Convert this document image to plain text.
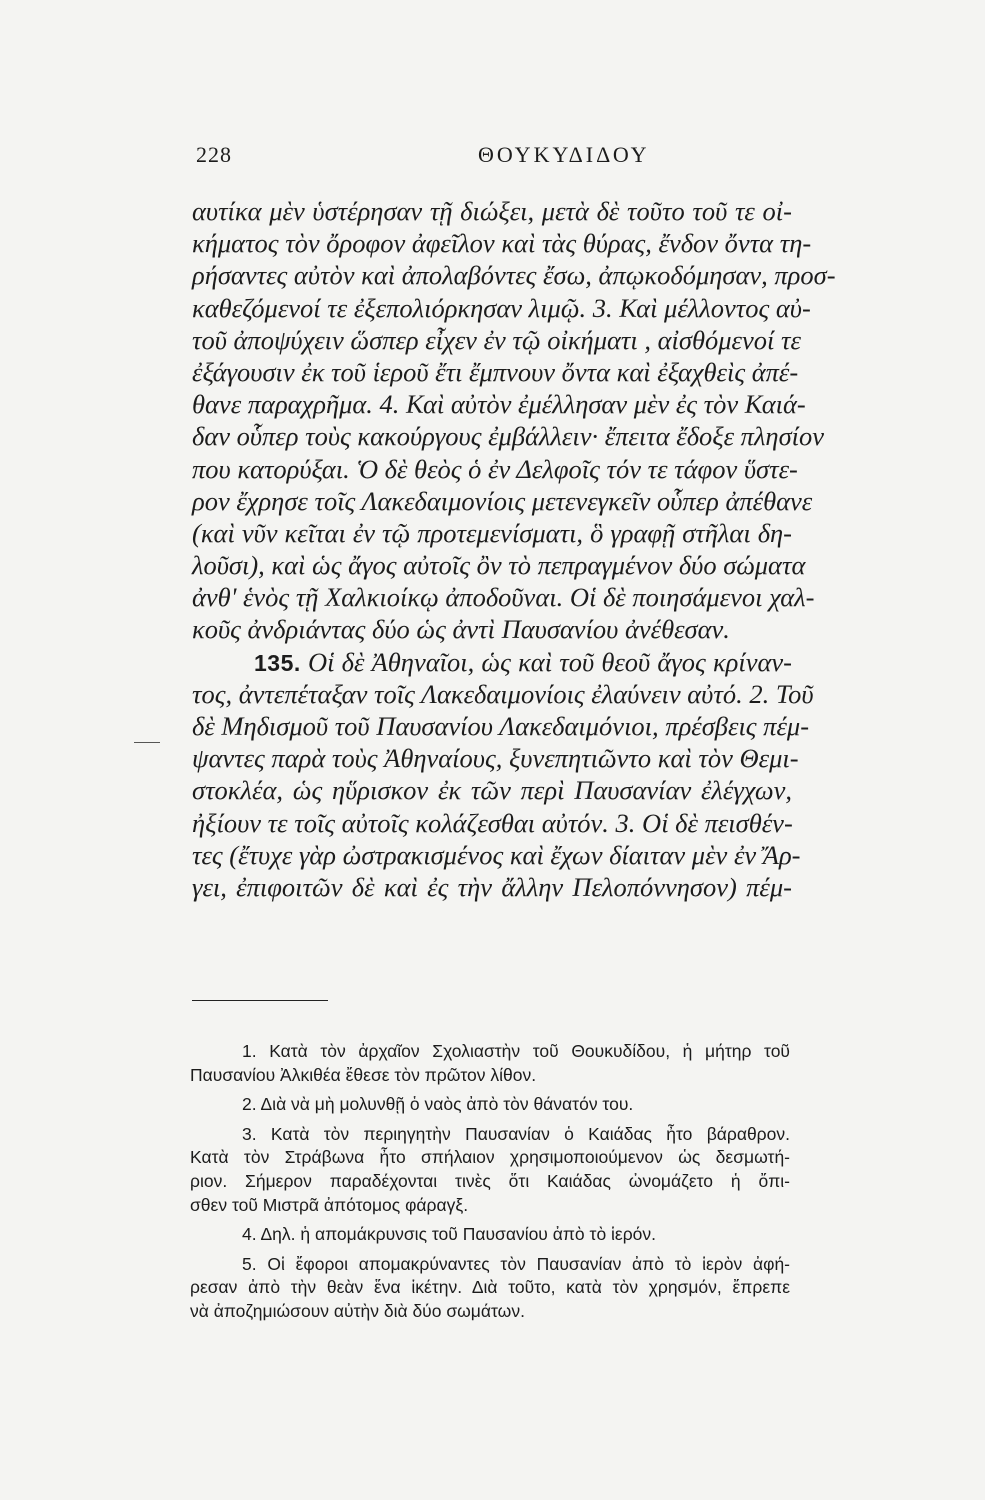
228	ΘΟΥΚΥΔΙΔΟΥ
αυτίκα μὲν ὑστέρησαν τῇ διώξει, μετὰ δὲ τοῦτο τοῦ τε οἰ-
κήματος τὸν ὄροφον ἀφεῖλον καὶ τὰς θύρας, ἔνδον ὄντα τη-
ρήσαντες αὐτὸν καὶ ἀπολαβόντες ἔσω, ἀπῳκοδόμησαν, προσ-
καθεζόμενοί τε ἐξεπολιόρκησαν λιμῷ. 3. Καὶ μέλλοντος αὐ-
τοῦ ἀποψύχειν ὥσπερ εἶχεν ἐν τῷ οἰκήματι , αἰσθόμενοί τε
ἐξάγουσιν ἐκ τοῦ ἱεροῦ ἔτι ἔμπνουν ὄντα καὶ ἐξαχθεὶς ἀπέ-
θανε παραχρῆμα. 4. Καὶ αὐτὸν ἐμέλλησαν μὲν ἐς τὸν Καιά-
δαν οὗπερ τοὺς κακούργους ἐμβάλλειν· ἔπειτα ἔδοξε πλησίον
που κατορύξαι. Ὁ δὲ θεὸς ὁ ἐν Δελφοῖς τόν τε τάφον ὕστε-
ρον ἔχρησε τοῖς Λακεδαιμονίοις μετενεγκεῖν οὗπερ ἀπέθανε
(καὶ νῦν κεῖται ἐν τῷ προτεμενίσματι, ὃ γραφῇ στῆλαι δη-
λοῦσι), καὶ ὡς ἄγος αὐτοῖς ὂν τὸ πεπραγμένον δύο σώματα
ἀνθ' ἑνὸς τῇ Χαλκιοίκῳ ἀποδοῦναι. Οἱ δὲ ποιησάμενοι χαλ-
κοῦς ἀνδριάντας δύο ὡς ἀντὶ Παυσανίου ἀνέθεσαν.
135. Οἱ δὲ Ἀθηναῖοι, ὡς καὶ τοῦ θεοῦ ἄγος κρίναν-
τος, ἀντεπέταξαν τοῖς Λακεδαιμονίοις ἐλαύνειν αὐτό. 2. Τοῦ
δὲ Μηδισμοῦ τοῦ Παυσανίου Λακεδαιμόνιοι, πρέσβεις πέμ-
ψαντες παρὰ τοὺς Ἀθηναίους, ξυνεπητιῶντο καὶ τὸν Θεμι-
στοκλέα, ὡς ηὕρισκον ἐκ τῶν περὶ Παυσανίαν ἐλέγχων,
ἠξίουν τε τοῖς αὐτοῖς κολάζεσθαι αὐτόν. 3. Οἱ δὲ πεισθέν-
τες (ἔτυχε γὰρ ὠστρακισμένος καὶ ἔχων δίαιταν μὲν ἐν Ἄρ-
γει, ἐπιφοιτῶν δὲ καὶ ἐς τὴν ἄλλην Πελοπόννησον) πέμ-
1. Κατὰ τὸν ἀρχαῖον Σχολιαστὴν τοῦ Θουκυδίδου, ἡ μήτηρ τοῦ
Παυσανίου Ἀλκιθέα ἔθεσε τὸν πρῶτον λίθον.
2. Διὰ νὰ μὴ μολυνθῇ ὁ ναὸς ἀπὸ τὸν θάνατόν του.
3. Κατὰ τὸν περιηγητὴν Παυσανίαν ὁ Καιάδας ἦτο βάραθρον.
Κατὰ τὸν Στράβωνα ἦτο σπήλαιον χρησιμοποιούμενον ὡς δεσμωτή-
ριον. Σήμερον παραδέχονται τινὲς ὅτι Καιάδας ὠνομάζετο ἡ ὄπι-
σθεν τοῦ Μιστρᾶ ἀπότομος φάραγξ.
4. Δηλ. ἡ απομάκρυνσις τοῦ Παυσανίου ἀπὸ τὸ ἱερόν.
5. Οἱ ἔφοροι απομακρύναντες τὸν Παυσανίαν ἀπὸ τὸ ἱερὸν ἀφή-
ρεσαν ἀπὸ τὴν θεὰν ἕνα ἱκέτην. Διὰ τοῦτο, κατὰ τὸν χρησμόν, ἔπρεπε
νὰ ἀποζημιώσουν αὐτὴν διὰ δύο σωμάτων.
